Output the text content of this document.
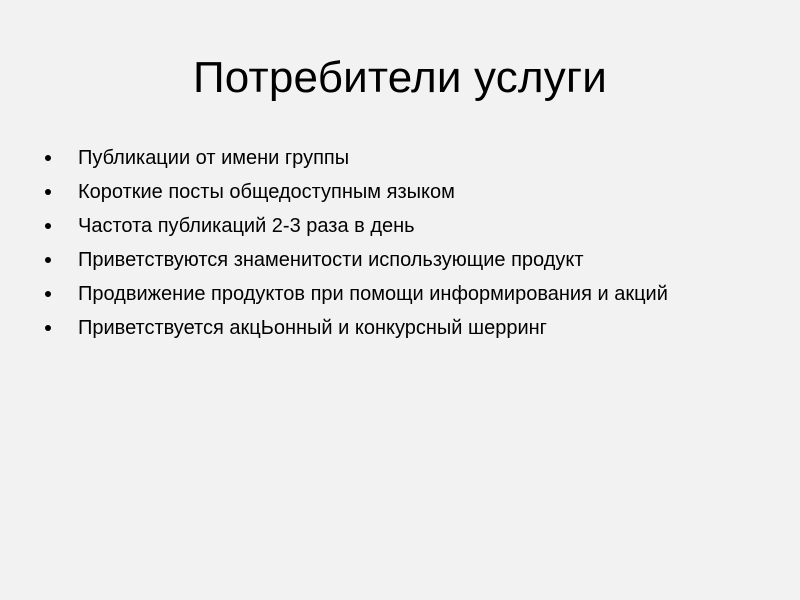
Потребители услуги
Публикации от имени группы
Короткие посты общедоступным языком
Частота публикаций 2-3 раза в день
Приветствуются знаменитости использующие продукт
Продвижение продуктов при помощи информирования и акций
Приветствуется акцЬонный и конкурсный шерринг
